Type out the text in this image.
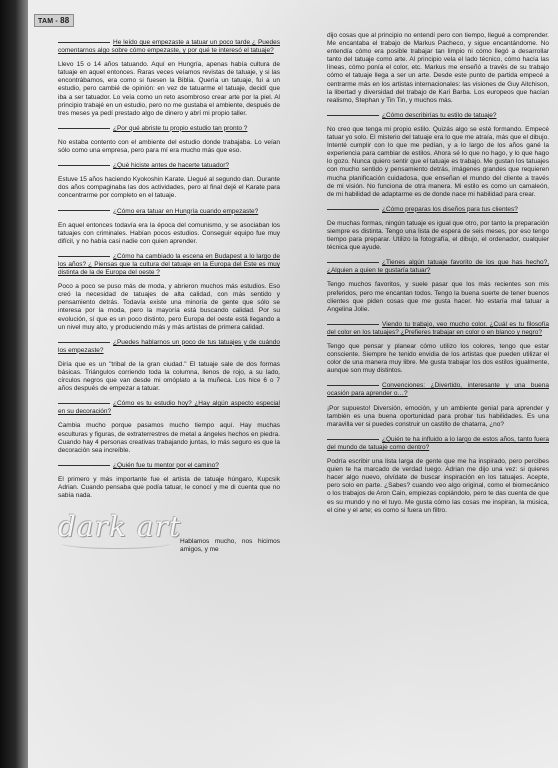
TAM - 88

He leído que empezaste a tatuar un poco tarde ¿ Puedes comentarnos algo sobre cómo empezaste, y por qué te interesó el tatuaje?

Llevo 15 o 14 años tatuando. Aquí en Hungría, apenas había cultura de tatuaje en aquel entonces. Raras veces veíamos revistas de tatuaje, y si las encontrábamos, era como si fuesen la Biblia. Quería un tatuaje, fui a un estudio, pero cambié de opinión: en vez de tatuarme el tatuaje, decidí que iba a ser tatuador. Lo veía como un reto asombroso crear arte por la piel. Al principio trabajé en un estudio, pero no me gustaba el ambiente, después de tres meses ya pedí prestado algo de dinero y abrí mi propio taller.

¿Por qué abriste tu propio estudio tan pronto ?

No estaba contento con el ambiente del estudio donde trabajaba. Lo veían sólo como una empresa, pero para mí era mucho más que eso.

¿Qué hiciste antes de hacerte tatuador?

Estuve 15 años haciendo Kyokoshin Karate. Llegué al segundo dan. Durante dos años compaginaba las dos actividades, pero al final dejé el Karate para concentrarme por completo en el tatuaje.

¿Cómo era tatuar en Hungría cuando empezaste?

En aquel entonces todavía era la época del comunismo, y se asociaban los tatuajes con criminales. Habían pocos estudios. Conseguir equipo fue muy difícil, y no había casi nadie con quien aprender.

¿Cómo ha cambiado la escena en Budapest a lo largo de los años? ¿ Piensas que la cultura del tatuaje en la Europa del Este es muy distinta de la de Europa del oeste ?

Poco a poco se puso más de moda, y abrieron muchos más estudios. Eso creó la necesidad de tatuajes de alta calidad, con más sentido y pensamiento detrás. Todavía existe una minoría de gente que sólo se interesa por la moda, pero la mayoría está buscando calidad. Por su evolución, sí que es un poco distinto, pero Europa del oeste está llegando a un nivel muy alto, y produciendo más y más artistas de primera calidad.

¿Puedes hablarnos un poco de tus tatuajes y de cuándo los empezaste?

Diría que es un "tribal de la gran ciudad." El tatuaje sale de dos formas básicas. Triángulos corriendo toda la columna, llenos de rojo, a su lado, círculos negros que van desde mi omóplato a la muñeca. Los hice 6 o 7 años después de empezar a tatuar.

¿Cómo es tu estudio hoy? ¿Hay algún aspecto especial en su decoración?

Cambia mucho porque pasamos mucho tiempo aquí. Hay muchas esculturas y figuras, de extraterrestres de metal a ángeles hechos en piedra. Cuando hay 4 personas creativas trabajando juntas, lo más seguro es que la decoración sea increíble.

¿Quién fue tu mentor por el camino?

El primero y más importante fue el artista de tatuaje húngaro, Kupcsik Adrian. Cuando pensaba que podía tatuar, le conocí y me di cuenta que no sabía nada.

dark art

Hablamos mucho, nos hicimos amigos, y me

dijo cosas que al principio no entendí pero con tiempo, llegué a comprender. Me encantaba el trabajo de Markus Pacheco, y sigue encantándome. No entendía cómo era posible trabajar tan limpio ni cómo llegó a desarrollar tanto del tatuaje como arte. Al principio vela el lado técnico, cómo hacía las líneas, cómo ponía el color, etc. Markus me enseñó a través de su trabajo cómo el tatuaje llega a ser un arte. Desde este punto de partida empecé a centrarme más en los artistas internacionales: las visiones de Guy Aitchison, la libertad y diversidad del trabajo de Kari Barba. Los europeos que hacían realismo, Stephan y Tin Tin, y muchos más.

¿Cómo describirías tu estilo de tatuaje?

No creo que tenga mi propio estilo. Quizás algo se esté formando. Empecé tatuar yo solo. El misterio del tatuaje era lo que me atraía, más que el dibujo. Intenté cumplir con lo que me pedían, y a lo largo de los años gané la experiencia para cambiar de estilos. Ahora sé lo que no hago, y lo que hago lo gozo. Nunca quiero sentir que el tatuaje es trabajo. Me gustan los tatuajes con mucho sentido y pensamiento detrás, imágenes grandes que requieren mucha planificación cuidadosa, que enseñan el mundo del cliente a través de mi visión. No funciona de otra manera. Mi estilo es como un camaleón, de mi habilidad de adaptarme es de donde nace mi habilidad para crear.

¿Cómo preparas los diseños para tus clientes?

De muchas formas, ningún tatuaje es igual que otro, por tanto la preparación siempre es distinta. Tengo una lista de espera de seis meses, por eso tengo tiempo para preparar. Utilizo la fotografía, el dibujo, el ordenador, cualquier técnica que ayude.

¿Tienes algún tatuaje favorito de los que has hecho?, ¿Alguien a quien te gustaría tatuar?

Tengo muchos favoritos, y suele pasar que los más recientes son mis preferidos, pero me encantan todos. Tengo la buena suerte de tener buenos clientes que piden cosas que me gusta hacer. No estaría mal tatuar a Angelina Jolie.

Viendo tu trabajo, veo mucho color. ¿Cuál es tu filosofía del color en los tatuajes? ¿Prefieres trabajar en color o en blanco y negro?

Tengo que pensar y planear cómo utilizo los colores, tengo que estar consciente. Siempre he tenido envidia de los artistas que pueden utilizar el color de una manera muy libre. Me gusta trabajar los dos estilos igualmente, aunque son muy distintos.

Convenciones: ¿Divertido, interesante y una buena ocasión para aprender o…?

¡Por supuesto! Diversión, emoción, y un ambiente genial para aprender y también es una buena oportunidad para probar tus habilidades. Es una maravilla ver si puedes construir un castillo de chatarra, ¿no?

¿Quién te ha influido a lo largo de estos años, tanto fuera del mundo de tatuaje como dentro?

Podría escribir una lista larga de gente que me ha inspirado, pero percibes quien te ha marcado de verdad luego. Adrian me dijo una vez: si quieres hacer algo nuevo, olvídate de buscar inspiración en los tatuajes. Acepte, pero solo en parte. ¿Sabes? cuando veo algo original, como el biomecánico o los trabajos de Aron Cain, empiezas copiándolo, pero te das cuenta de que es su mundo y no el tuyo. Me gusta cómo las cosas me inspiran, la música, el cine y el arte; es como si fuera un filtro.
